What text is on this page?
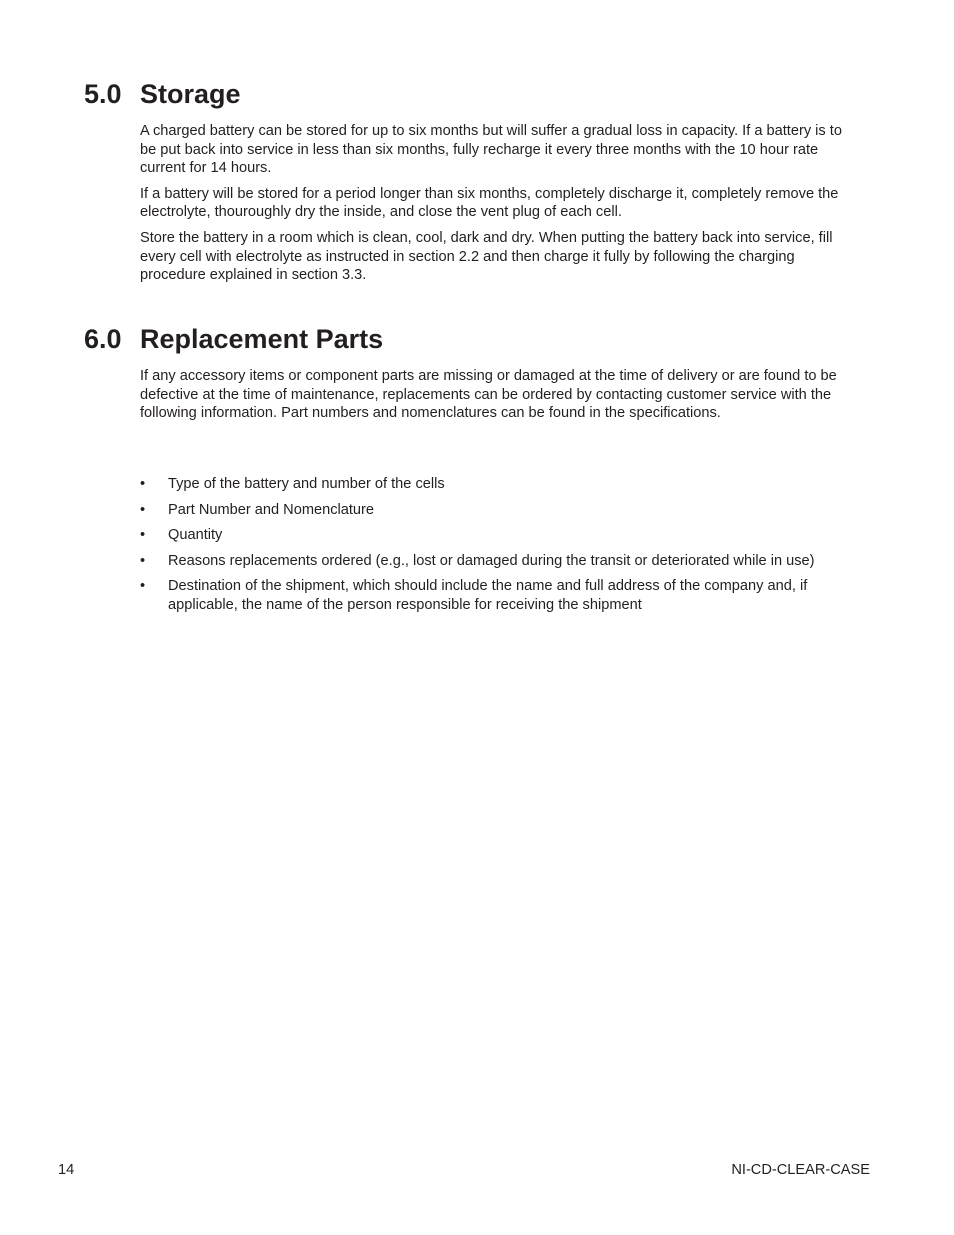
5.0 Storage

A charged battery can be stored for up to six months but will suffer a gradual loss in capacity. If a battery is to be put back into service in less than six months, fully recharge it every three months with the 10 hour rate current for 14 hours.

If a battery will be stored for a period longer than six months, completely discharge it, completely remove the electrolyte, thouroughly dry the inside, and close the vent plug of each cell.

Store the battery in a room which is clean, cool, dark and dry. When putting the battery back into service, fill every cell with electrolyte as instructed in section 2.2 and then charge it fully by following the charging procedure explained in section 3.3.

6.0 Replacement Parts

If any accessory items or component parts are missing or damaged at the time of delivery or are found to be defective at the time of maintenance, replacements can be ordered by contacting customer service with the following information. Part numbers and nomenclatures can be found in the specifications.

•	Type of the battery and number of the cells
•	Part Number and Nomenclature
•	Quantity
•	Reasons replacements ordered (e.g., lost or damaged during the transit or deteriorated while in use)
•	Destination of the shipment, which should include the name and full address of the company and, if applicable, the name of the person responsible for receiving the shipment
14	NI-CD-CLEAR-CASE
